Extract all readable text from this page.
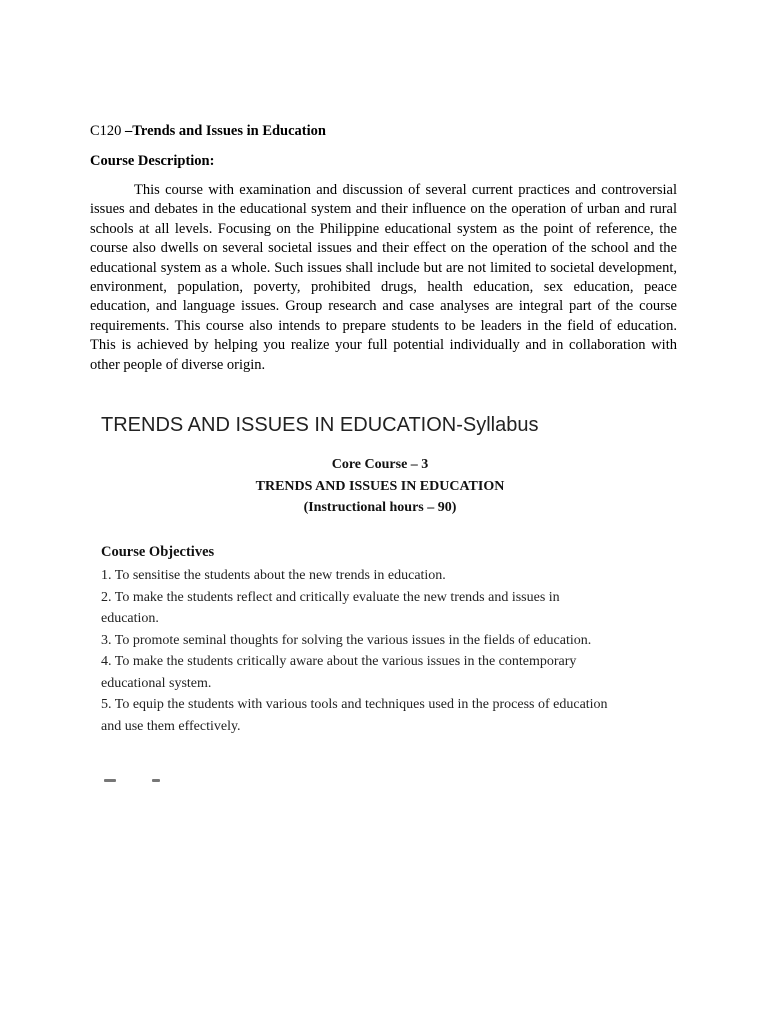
C120 –Trends and Issues in Education
Course Description:

This course with examination and discussion of several current practices and controversial issues and debates in the educational system and their influence on the operation of urban and rural schools at all levels. Focusing on the Philippine educational system as the point of reference, the course also dwells on several societal issues and their effect on the operation of the school and the educational system as a whole. Such issues shall include but are not limited to societal development, environment, population, poverty, prohibited drugs, health education, sex education, peace education, and language issues. Group research and case analyses are integral part of the course requirements. This course also intends to prepare students to be leaders in the field of education. This is achieved by helping you realize your full potential individually and in collaboration with other people of diverse origin.

TRENDS AND ISSUES IN EDUCATION-Syllabus
Core Course – 3
TRENDS AND ISSUES IN EDUCATION
(Instructional hours – 90)
Course Objectives
1. To sensitise the students about the new trends in education.
2. To make the students reflect and critically evaluate the new trends and issues in education.
3. To promote seminal thoughts for solving the various issues in the fields of education.
4. To make the students critically aware about the various issues in the contemporary educational system.
5. To equip the students with various tools and techniques used in the process of education and use them effectively.
